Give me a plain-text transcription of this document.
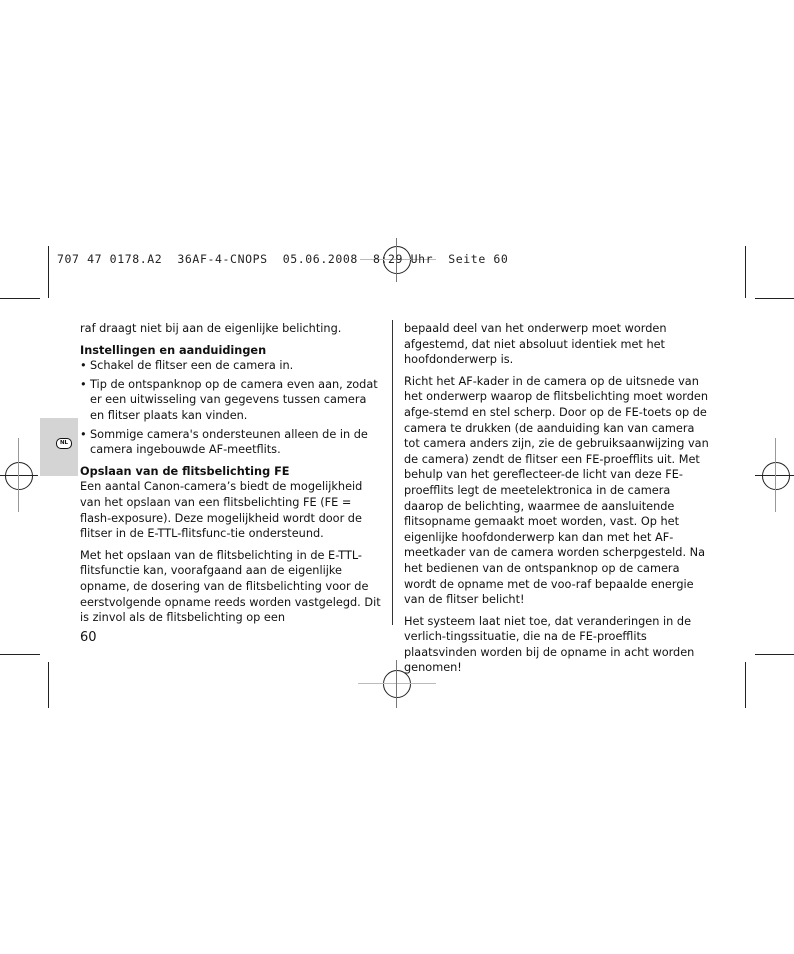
707 47 0178.A2  36AF-4-CNOPS  05.06.2008  8:29 Uhr  Seite 60
NL

raf draagt niet bij aan de eigenlijke belichting.

Instellingen en aanduidingen

• Schakel de flitser een de camera in.
• Tip de ontspanknop op de camera even aan, zodat er een uitwisseling van gegevens tussen camera en flitser plaats kan vinden.
• Sommige camera's ondersteunen alleen de in de camera ingebouwde AF-meetflits.

Opslaan van de flitsbelichting FE

Een aantal Canon-camera’s biedt de mogelijkheid van het opslaan van een flitsbelichting FE (FE = flash-exposure). Deze mogelijkheid wordt door de flitser in de E-TTL-flitsfunc-tie ondersteund.

Met het opslaan van de flitsbelichting in de E-TTL-flitsfunctie kan, voorafgaand aan de eigenlijke opname, de dosering van de flitsbelichting voor de eerstvolgende opname reeds worden vastgelegd. Dit is zinvol als de flitsbelichting op een

bepaald deel van het onderwerp moet worden afgestemd, dat niet absoluut identiek met het hoofdonderwerp is.

Richt het AF-kader in de camera op de uitsnede van het onderwerp waarop de flitsbelichting moet worden afge-stemd en stel scherp. Door op de FE-toets op de camera te drukken (de aanduiding kan van camera tot camera anders zijn, zie de gebruiksaanwijzing van de camera) zendt de flitser een FE-proefflits uit. Met behulp van het gereflecteer-de licht van deze FE-proefflits legt de meetelektronica in de camera daarop de belichting, waarmee de aansluitende flitsopname gemaakt moet worden, vast. Op het eigenlijke hoofdonderwerp kan dan met het AF-meetkader van de camera worden scherpgesteld. Na het bedienen van de ontspanknop op de camera wordt de opname met de voo-raf bepaalde energie van de flitser belicht!

Het systeem laat niet toe, dat veranderingen in de verlich-tingssituatie, die na de FE-proefflits plaatsvinden worden bij de opname in acht worden genomen!

60
